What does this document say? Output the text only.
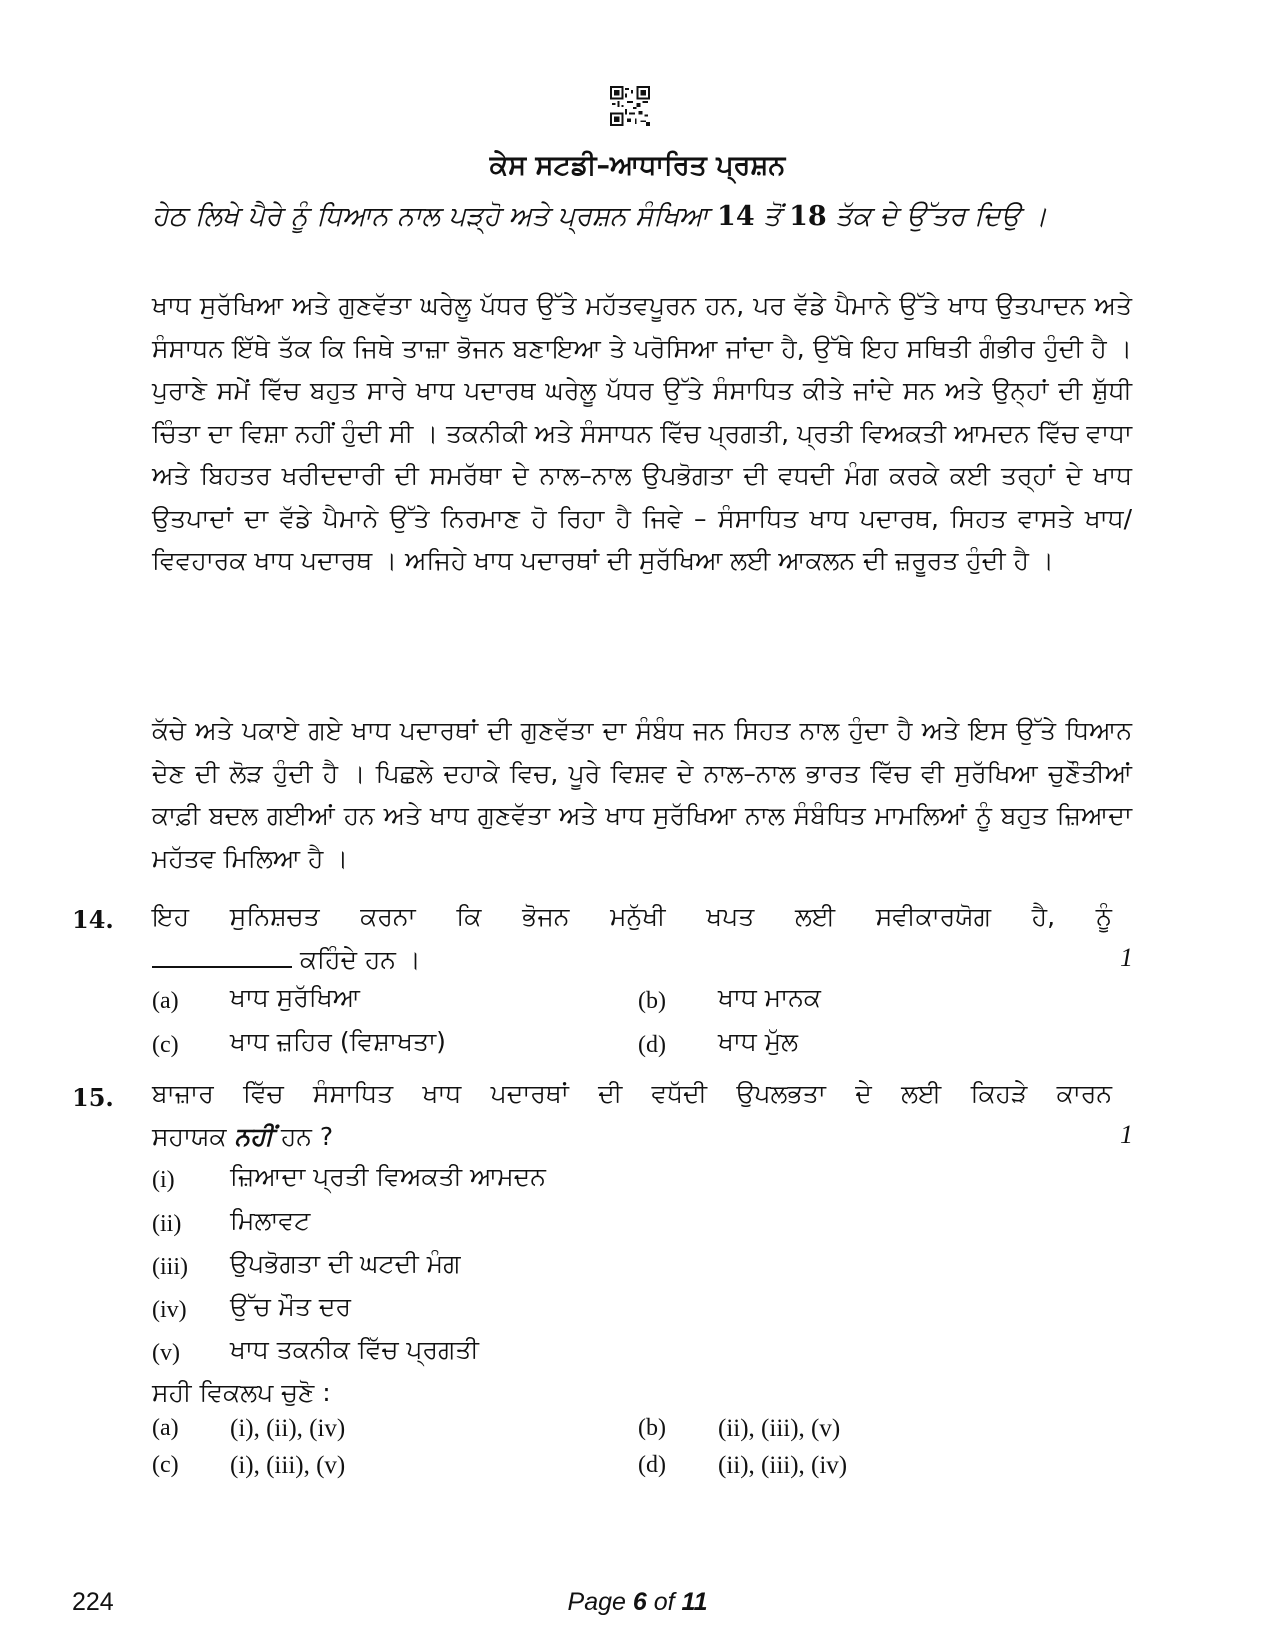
ਕੇਸ ਸਟਡੀ–ਆਧਾਰਿਤ ਪ੍ਰਸ਼ਨ
ਹੇਠ ਲਿਖੇ ਪੈਰੇ ਨੂੰ ਧਿਆਨ ਨਾਲ ਪੜ੍ਹੋ ਅਤੇ ਪ੍ਰਸ਼ਨ ਸੰਖਿਆ 14 ਤੋਂ 18 ਤੱਕ ਦੇ ਉੱਤਰ ਦਿਉ ।
ਖਾਧ ਸੁਰੱਖਿਆ ਅਤੇ ਗੁਣਵੱਤਾ ਘਰੇਲੂ ਪੱਧਰ ਉੱਤੇ ਮਹੱਤਵਪੂਰਨ ਹਨ, ਪਰ ਵੱਡੇ ਪੈਮਾਨੇ ਉੱਤੇ ਖਾਧ ਉਤਪਾਦਨ ਅਤੇ ਸੰਸਾਧਨ ਇੱਥੇ ਤੱਕ ਕਿ ਜਿਥੇ ਤਾਜ਼ਾ ਭੋਜਨ ਬਣਾਇਆ ਤੇ ਪਰੋਸਿਆ ਜਾਂਦਾ ਹੈ, ਉੱਥੇ ਇਹ ਸਥਿਤੀ ਗੰਭੀਰ ਹੁੰਦੀ ਹੈ । ਪੁਰਾਣੇ ਸਮੇਂ ਵਿੱਚ ਬਹੁਤ ਸਾਰੇ ਖਾਧ ਪਦਾਰਥ ਘਰੇਲੂ ਪੱਧਰ ਉੱਤੇ ਸੰਸਾਧਿਤ ਕੀਤੇ ਜਾਂਦੇ ਸਨ ਅਤੇ ਉਨ੍ਹਾਂ ਦੀ ਸ਼ੁੱਧੀ ਚਿੰਤਾ ਦਾ ਵਿਸ਼ਾ ਨਹੀਂ ਹੁੰਦੀ ਸੀ । ਤਕਨੀਕੀ ਅਤੇ ਸੰਸਾਧਨ ਵਿੱਚ ਪ੍ਰਗਤੀ, ਪ੍ਰਤੀ ਵਿਅਕਤੀ ਆਮਦਨ ਵਿੱਚ ਵਾਧਾ ਅਤੇ ਬਿਹਤਰ ਖਰੀਦਦਾਰੀ ਦੀ ਸਮਰੱਥਾ ਦੇ ਨਾਲ–ਨਾਲ ਉਪਭੋਗਤਾ ਦੀ ਵਧਦੀ ਮੰਗ ਕਰਕੇ ਕਈ ਤਰ੍ਹਾਂ ਦੇ ਖਾਧ ਉਤਪਾਦਾਂ ਦਾ ਵੱਡੇ ਪੈਮਾਨੇ ਉੱਤੇ ਨਿਰਮਾਣ ਹੋ ਰਿਹਾ ਹੈ ਜਿਵੇ – ਸੰਸਾਧਿਤ ਖਾਧ ਪਦਾਰਥ, ਸਿਹਤ ਵਾਸਤੇ ਖਾਧ/ਵਿਵਹਾਰਕ ਖਾਧ ਪਦਾਰਥ । ਅਜਿਹੇ ਖਾਧ ਪਦਾਰਥਾਂ ਦੀ ਸੁਰੱਖਿਆ ਲਈ ਆਕਲਨ ਦੀ ਜ਼ਰੂਰਤ ਹੁੰਦੀ ਹੈ ।
ਕੱਚੇ ਅਤੇ ਪਕਾਏ ਗਏ ਖਾਧ ਪਦਾਰਥਾਂ ਦੀ ਗੁਣਵੱਤਾ ਦਾ ਸੰਬੰਧ ਜਨ ਸਿਹਤ ਨਾਲ ਹੁੰਦਾ ਹੈ ਅਤੇ ਇਸ ਉੱਤੇ ਧਿਆਨ ਦੇਣ ਦੀ ਲੋੜ ਹੁੰਦੀ ਹੈ । ਪਿਛਲੇ ਦਹਾਕੇ ਵਿਚ, ਪੂਰੇ ਵਿਸ਼ਵ ਦੇ ਨਾਲ–ਨਾਲ ਭਾਰਤ ਵਿੱਚ ਵੀ ਸੁਰੱਖਿਆ ਚੁਣੌਤੀਆਂ ਕਾਫ਼ੀ ਬਦਲ ਗਈਆਂ ਹਨ ਅਤੇ ਖਾਧ ਗੁਣਵੱਤਾ ਅਤੇ ਖਾਧ ਸੁਰੱਖਿਆ ਨਾਲ ਸੰਬੰਧਿਤ ਮਾਮਲਿਆਂ ਨੂੰ ਬਹੁਤ ਜ਼ਿਆਦਾ ਮਹੱਤਵ ਮਿਲਿਆ ਹੈ ।
14. ਇਹ ਸੁਨਿਸ਼ਚਤ ਕਰਨਾ ਕਿ ਭੋਜਨ ਮਨੁੱਖੀ ਖਪਤ ਲਈ ਸਵੀਕਾਰਯੋਗ ਹੈ, ਨੂੰ
ਕਹਿੰਦੇ ਹਨ ।	1
(a) ਖਾਧ ਸੁਰੱਖਿਆ	(b) ਖਾਧ ਮਾਨਕ
(c) ਖਾਧ ਜ਼ਹਿਰ (ਵਿਸ਼ਾਖਤਾ)	(d) ਖਾਧ ਮੁੱਲ
15. ਬਾਜ਼ਾਰ ਵਿੱਚ ਸੰਸਾਧਿਤ ਖਾਧ ਪਦਾਰਥਾਂ ਦੀ ਵਧੱਦੀ ਉਪਲਭਤਾ ਦੇ ਲਈ ਕਿਹੜੇ ਕਾਰਨ
ਸਹਾਯਕ ਨਹੀਂ ਹਨ ?	1
(i) ਜ਼ਿਆਦਾ ਪ੍ਰਤੀ ਵਿਅਕਤੀ ਆਮਦਨ
(ii) ਮਿਲਾਵਟ
(iii) ਉਪਭੋਗਤਾ ਦੀ ਘਟਦੀ ਮੰਗ
(iv) ਉੱਚ ਮੌਤ ਦਰ
(v) ਖਾਧ ਤਕਨੀਕ ਵਿੱਚ ਪ੍ਰਗਤੀ
ਸਹੀ ਵਿਕਲਪ ਚੁਣੋ :
(a) (i), (ii), (iv)	(b) (ii), (iii), (v)
(c) (i), (iii), (v)	(d) (ii), (iii), (iv)
224	Page 6 of 11
